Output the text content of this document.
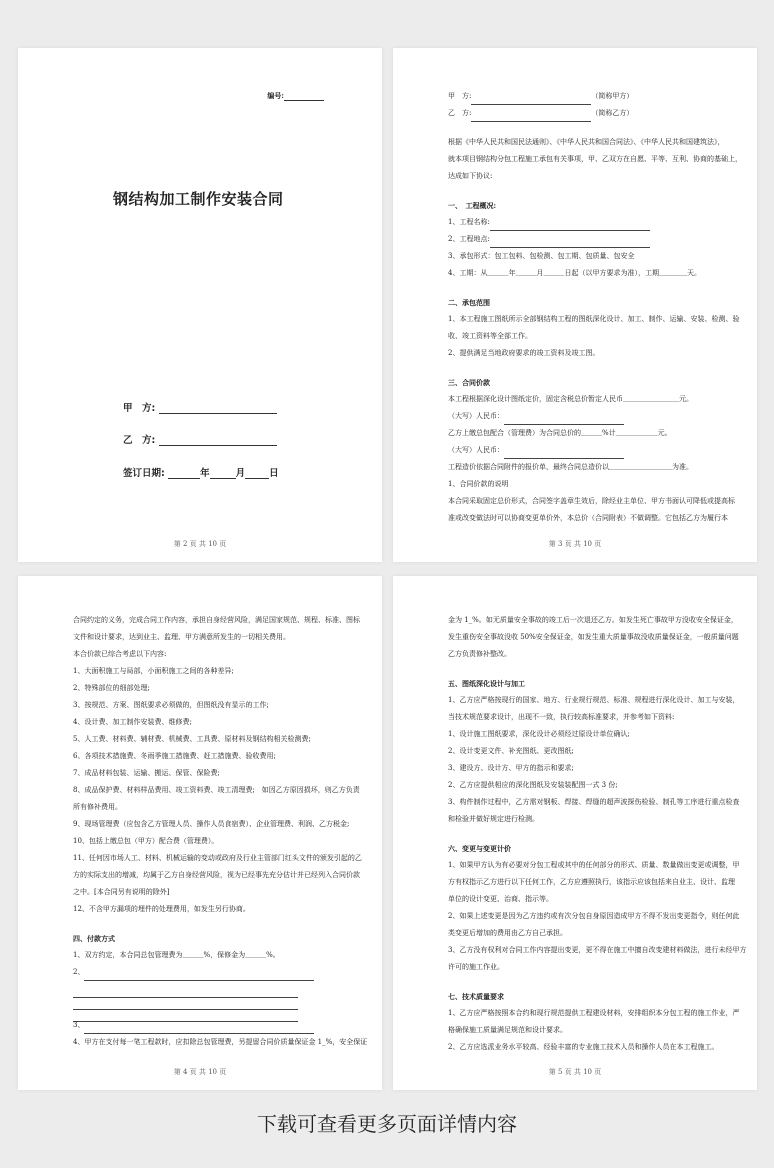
编号:
钢结构加工制作安装合同
甲　方:
乙　方:
签订日期:	年	月	日
第 2 页 共 10 页
甲　方:	（简称甲方）
乙　方:	（简称乙方）
根据《中华人民共和国民法通则》、《中华人民共和国合同法》、《中华人民共和国建筑法》，
就本项目钢结构分包工程施工承包有关事项，甲、乙双方在自愿、平等、互利、协商的基础上，
达成如下协议:
一、　工程概况:
1、工程名称:
2、工程地点:
3、承包形式：包工包料、包检测、包工期、包质量、包安全
4、工期：从＿＿＿年＿＿＿月＿＿＿日起（以甲方要求为准），工期＿＿＿＿天。
二、承包范围
1、本工程施工图纸所示全部钢结构工程的图纸深化设计、加工、制作、运输、安装、检测、验
收、竣工资料等全部工作。
2、提供满足当地政府要求的竣工资料及竣工图。
三、合同价款
本工程根据深化设计图纸定价，固定含税总价暂定人民币＿＿＿＿＿＿＿＿元。
（大写）人民币：
乙方上缴总包配合（管理费）为合同总价的＿＿＿%计＿＿＿＿＿＿元。
（大写）人民币：
工程造价依据合同附件的报价单，最终合同总造价以＿＿＿＿＿＿＿＿＿为准。
1、合同价款的说明
本合同采取固定总价形式，合同签字盖章生效后，除经业主单位、甲方书面认可降低或提高标
准或改变做法时可以协商变更单价外，本总价（合同附表）不做调整。它包括乙方为履行本
第 3 页 共 10 页
合同约定的义务，完成合同工作内容，承担自身经营风险，满足国家规范、规程、标准、图标
文件和设计要求，达到业主、监理、甲方满意所发生的一切相关费用。
本合价款已综合考虑以下内容:
1、大面积施工与局部，小面积施工之间的各种差异;
2、特殊部位的细部处理;
3、按规范、方案、图纸要求必须做的，但图纸没有显示的工作;
4、设计费、加工制作安装费、维修费;
5、人工费、材料费、辅材费、机械费、工具费、原材料及钢结构相关检测费;
6、各项技术措施费、冬雨季施工措施费、赶工措施费、验收费用;
7、成品材料包装、运输、搬运、保管、保险费;
8、成品保护费、材料样品费用、竣工资料费、竣工清理费;　如因乙方原因损坏，则乙方负责
所有修补费用。
9、现场管理费（应包含乙方管理人员、操作人员食宿费）、企业管理费、利润、乙方税金;
10、包括上缴总包（甲方）配合费（管理费）。
11、任何因市场人工、材料、机械运输的变动或政府及行业主管部门红头文件的颁发引起的乙
方的实际支出的增减，均属于乙方自身经营风险，视为已经事先充分估计并已经列入合同价款
之中。[本合同另有说明的除外]
12、不含甲方漏项的埋件的处理费用，如发生另行协商。
四、付款方式
1、双方约定，本合同总包管理费为＿＿＿%，保修金为＿＿＿%。
2、
3、
4、甲方在支付每一笔工程款时，应扣除总包管理费，另提留合同价质量保证金 1_%，安全保证
第 4 页 共 10 页
金为 1_%。如无质量安全事故的竣工后一次退还乙方。如发生死亡事故甲方没收安全保证金，
发生重伤安全事故没收 50%安全保证金，如发生重大质量事故没收质量保证金，一般质量问题
乙方负责修补整改。
五、图纸深化设计与加工
1、乙方应严格按现行的国家、地方、行业规行规范、标准、规程进行深化设计、加工与安装，
当技术规范要求设计，出现不一致，执行较高标准要求，并参考如下资料:
1、设计施工图纸要求，深化设计必须经过原设计单位确认;
2、设计变更文件、补充图纸、更改图纸;
3、建设方、设计方、甲方的指示和要求;
2、乙方应提供相应的深化图纸及安装装配图一式 3 份;
3、构件制作过程中，乙方需对钢板、焊接、焊缝的超声波探伤检验、制孔等工序进行重点检查
和检验并做好规定进行检测。
六、变更与变更计价
1、如果甲方认为有必要对分包工程或其中的任何部分的形式、质量、数量做出变更或调整，甲
方有权指示乙方进行以下任何工作，乙方应遵照执行，该指示应该包括来自业主、设计、监理
单位的设计变更、治商、指示等。
2、如果上述变更是因为乙方违约或有次分包自身原因造成甲方不得不发出变更指令，则任何此
类变更后增加的费用由乙方自己承担。
3、乙方没有权利对合同工作内容提出变更，更不得在施工中擅自改变建材料做法，进行未经甲方
许可的施工作业。
七、技术质量要求
1、乙方应严格按照本合约和现行规范提供工程建设材料，安排组织本分包工程的施工作业，严
格确保施工质量满足规范和设计要求。
2、乙方应选派业务水平较高、经验丰富的专业施工技术人员和操作人员在本工程施工。
第 5 页 共 10 页
下载可查看更多页面详情内容
